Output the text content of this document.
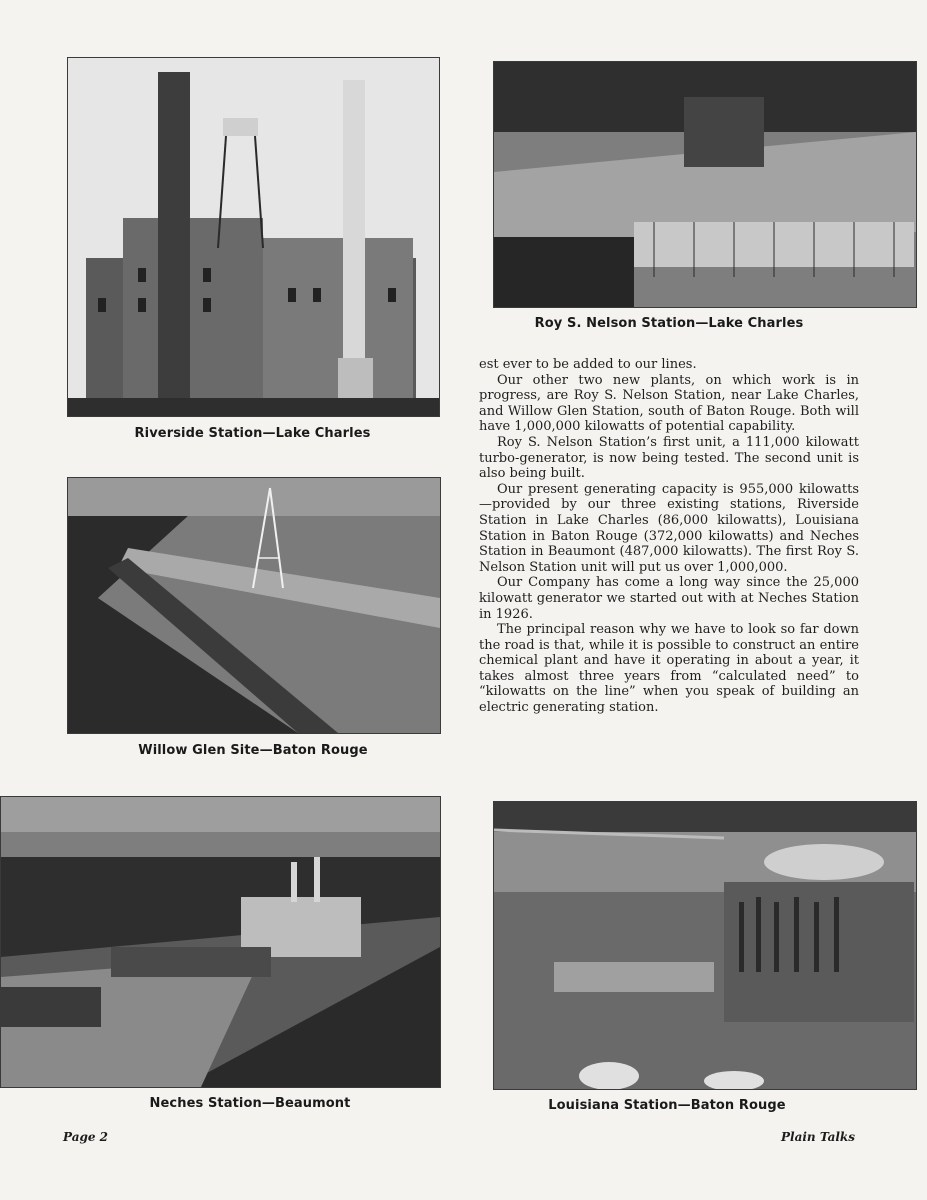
Riverside Station—Lake Charles
Roy S. Nelson Station—Lake Charles
Willow Glen Site—Baton Rouge
Neches Station—Beaumont	Louisiana Station—Baton Rouge

est ever to be added to our lines.

Our other two new plants, on which work is in progress, are Roy S. Nelson Station, near Lake Charles, and Willow Glen Station, south of Baton Rouge. Both will have 1,000,000 kilowatts of potential capability.

Roy S. Nelson Station’s first unit, a 111,000 kilowatt turbo-generator, is now being tested. The second unit is also being built.

Our present generating capacity is 955,000 kilowatts—provided by our three existing stations, Riverside Station in Lake Charles (86,000 kilowatts), Louisiana Station in Baton Rouge (372,000 kilowatts) and Neches Station in Beaumont (487,000 kilowatts). The first Roy S. Nelson Station unit will put us over 1,000,000.

Our Company has come a long way since the 25,000 kilowatt generator we started out with at Neches Station in 1926.

The principal reason why we have to look so far down the road is that, while it is possible to construct an entire chemical plant and have it operating in about a year, it takes almost three years from “calculated need” to “kilowatts on the line” when you speak of building an electric generating station.

Page 2	Plain Talks
